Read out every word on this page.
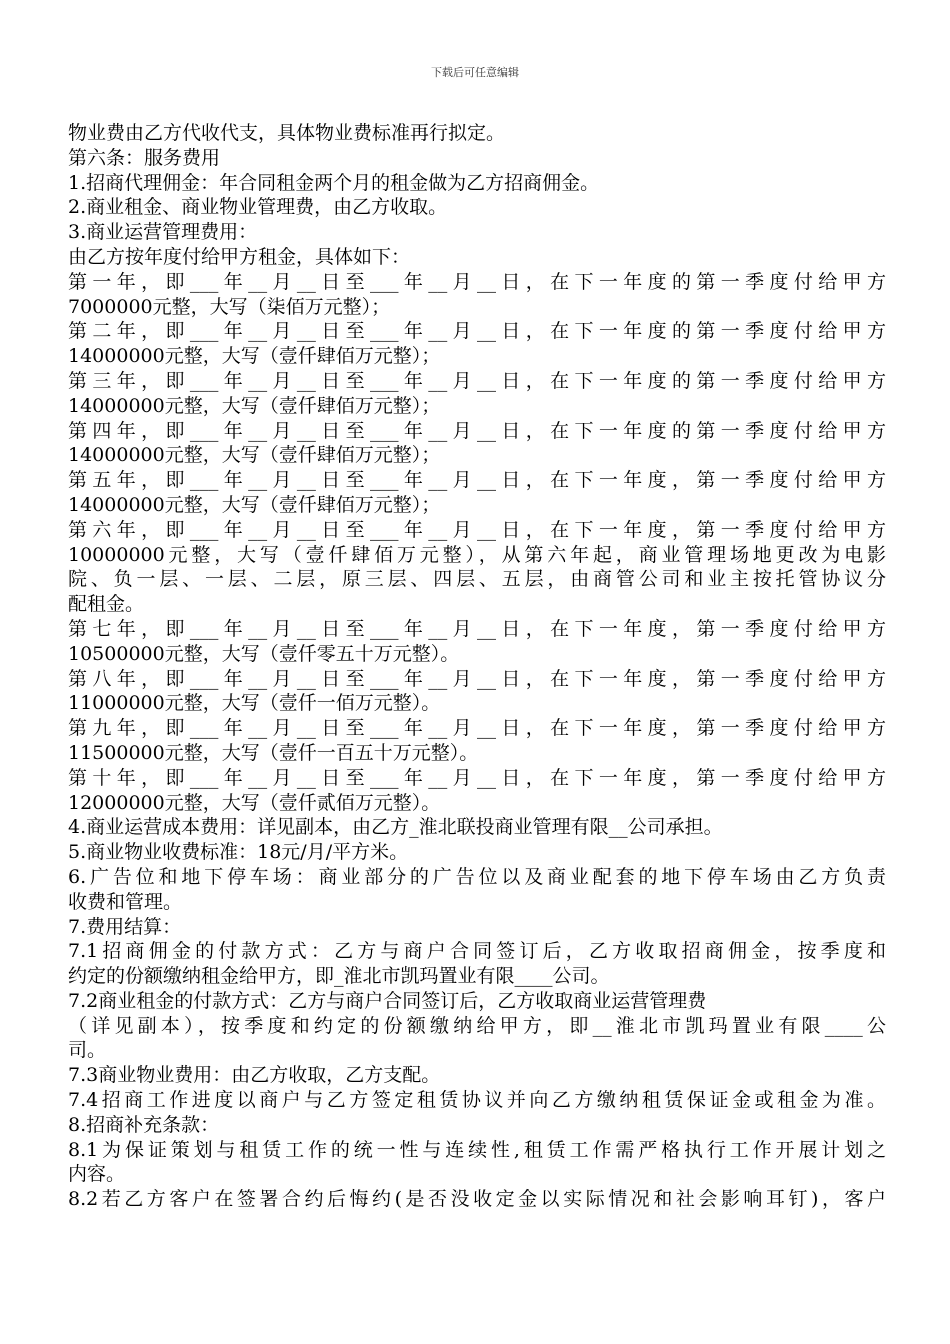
下载后可任意编辑
物业费由乙方代收代支，具体物业费标准再行拟定。
第六条：服务费用
1.招商代理佣金：年合同租金两个月的租金做为乙方招商佣金。
2.商业租金、商业物业管理费，由乙方收取。
3.商业运营管理费用：
由乙方按年度付给甲方租金，具体如下：
第一年，即___年__月__日至___年__月__日，在下一年度的第一季度付给甲方
7000000元整，大写（柒佰万元整）；
第二年，即___年__月__日至___年__月__日，在下一年度的第一季度付给甲方
14000000元整，大写（壹仟肆佰万元整）；
第三年，即___年__月__日至___年__月__日，在下一年度的第一季度付给甲方
14000000元整，大写（壹仟肆佰万元整）；
第四年，即___年__月__日至___年__月__日，在下一年度的第一季度付给甲方
14000000元整，大写（壹仟肆佰万元整）；
第五年，即___年__月__日至___年__月__日，在下一年度，第一季度付给甲方
14000000元整，大写（壹仟肆佰万元整）；
第六年，即___年__月__日至___年__月__日，在下一年度，第一季度付给甲方
10000000元整，大写（壹仟肆佰万元整），从第六年起，商业管理场地更改为电影
院、负一层、一层、二层，原三层、四层、五层，由商管公司和业主按托管协议分
配租金。
第七年，即___年__月__日至___年__月__日，在下一年度，第一季度付给甲方
10500000元整，大写（壹仟零五十万元整）。
第八年，即___年__月__日至___年__月__日，在下一年度，第一季度付给甲方
11000000元整，大写（壹仟一佰万元整）。
第九年，即___年__月__日至___年__月__日，在下一年度，第一季度付给甲方
11500000元整，大写（壹仟一百五十万元整）。
第十年，即___年__月__日至___年__月__日，在下一年度，第一季度付给甲方
12000000元整，大写（壹仟贰佰万元整）。
4.商业运营成本费用：详见副本，由乙方_淮北联投商业管理有限__公司承担。
5.商业物业收费标准：18元/月/平方米。
6.广告位和地下停车场：商业部分的广告位以及商业配套的地下停车场由乙方负责
收费和管理。
7.费用结算：
7.1招商佣金的付款方式：乙方与商户合同签订后，乙方收取招商佣金，按季度和
约定的份额缴纳租金给甲方，即_淮北市凯玛置业有限____公司。
7.2商业租金的付款方式：乙方与商户合同签订后，乙方收取商业运营管理费
（详见副本），按季度和约定的份额缴纳给甲方，即__淮北市凯玛置业有限____公
司。
7.3商业物业费用：由乙方收取，乙方支配。
7.4招商工作进度以商户与乙方签定租赁协议并向乙方缴纳租赁保证金或租金为准。
8.招商补充条款：
8.1为保证策划与租赁工作的统一性与连续性,租赁工作需严格执行工作开展计划之
内容。
8.2若乙方客户在签署合约后悔约(是否没收定金以实际情况和社会影响耳钉)，客户
